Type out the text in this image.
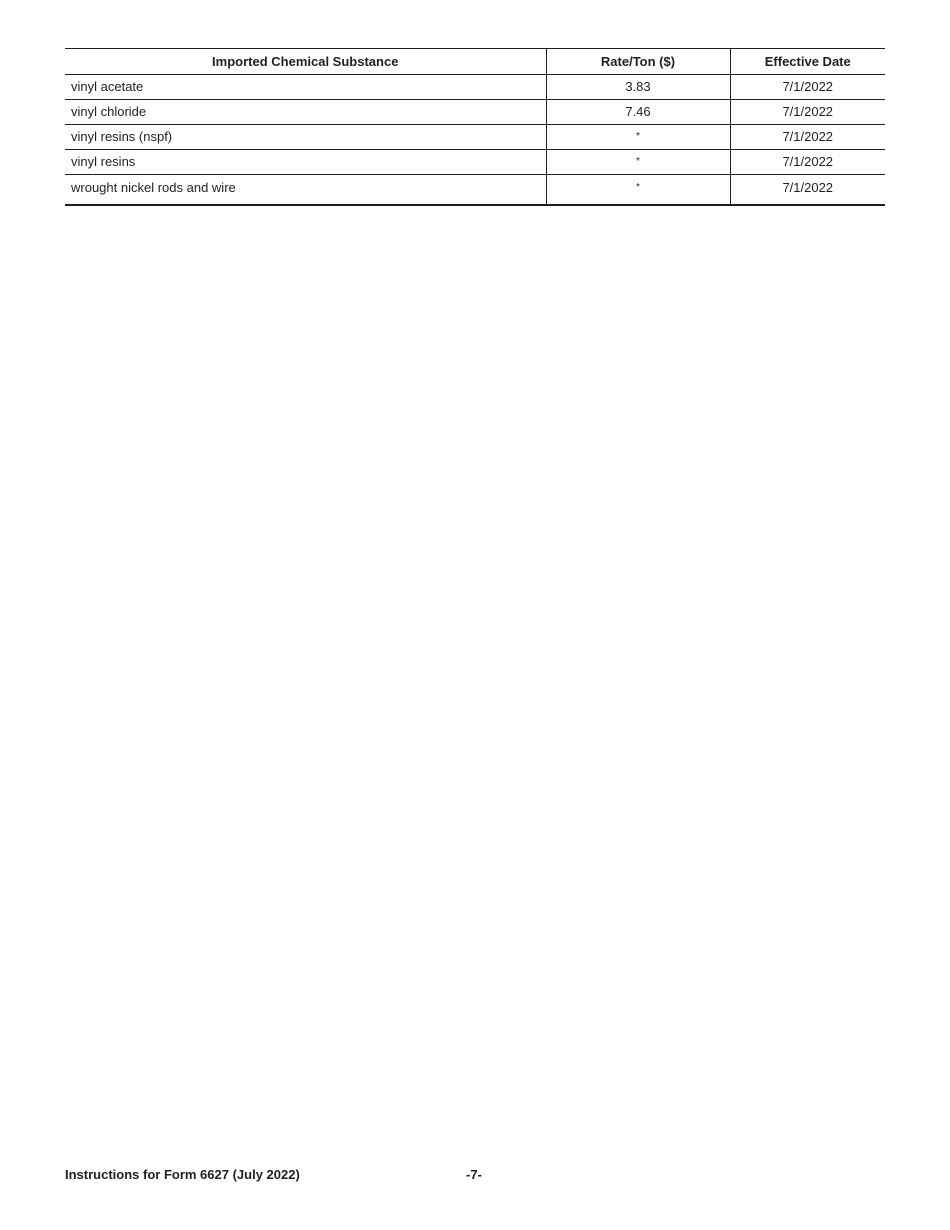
Imported Chemical Substance	Rate/Ton ($)	Effective Date
vinyl acetate	3.83	7/1/2022
vinyl chloride	7.46	7/1/2022
vinyl resins (nspf)	*	7/1/2022
vinyl resins	*	7/1/2022
wrought nickel rods and wire	*	7/1/2022
Instructions for Form 6627 (July 2022)	-7-
